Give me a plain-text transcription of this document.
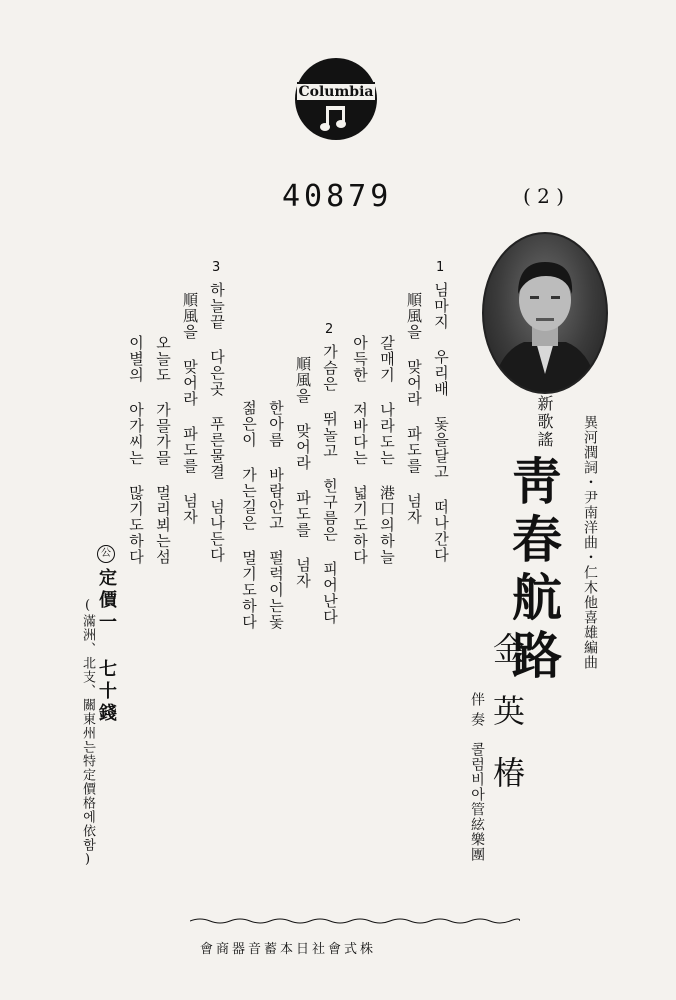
Columbia
40879	( 2 )
新歌謠 異河潤詞・尹南洋曲・仁木他喜雄編曲
靑春航路
金英椿
伴奏
콜럼비아管絃樂團
1
님마지 우리배 돛을달고 떠나간다
順風을 맞어라 파도를 넘자
갈매기 나라도는 港口의하늘
아득한 저바다는 넓기도하다
2
가슴은 뛰놀고 힌구름은 피어난다
順風을 맞어라 파도를 넘자
한아름 바람안고 펄럭이는돛
젊은이 가는길은 멀기도하다
3
하늘끝 다은곳 푸른물결 넘나든다
順風을 맞어라 파도를 넘자
오늘도 가믈가믈 멀리뵈는섬
이별의 아가씨는 많기도하다
公
定價一 七十錢
(滿洲、北支、關東州는特定價格에依함)
會商器音蓄本日社會式株
